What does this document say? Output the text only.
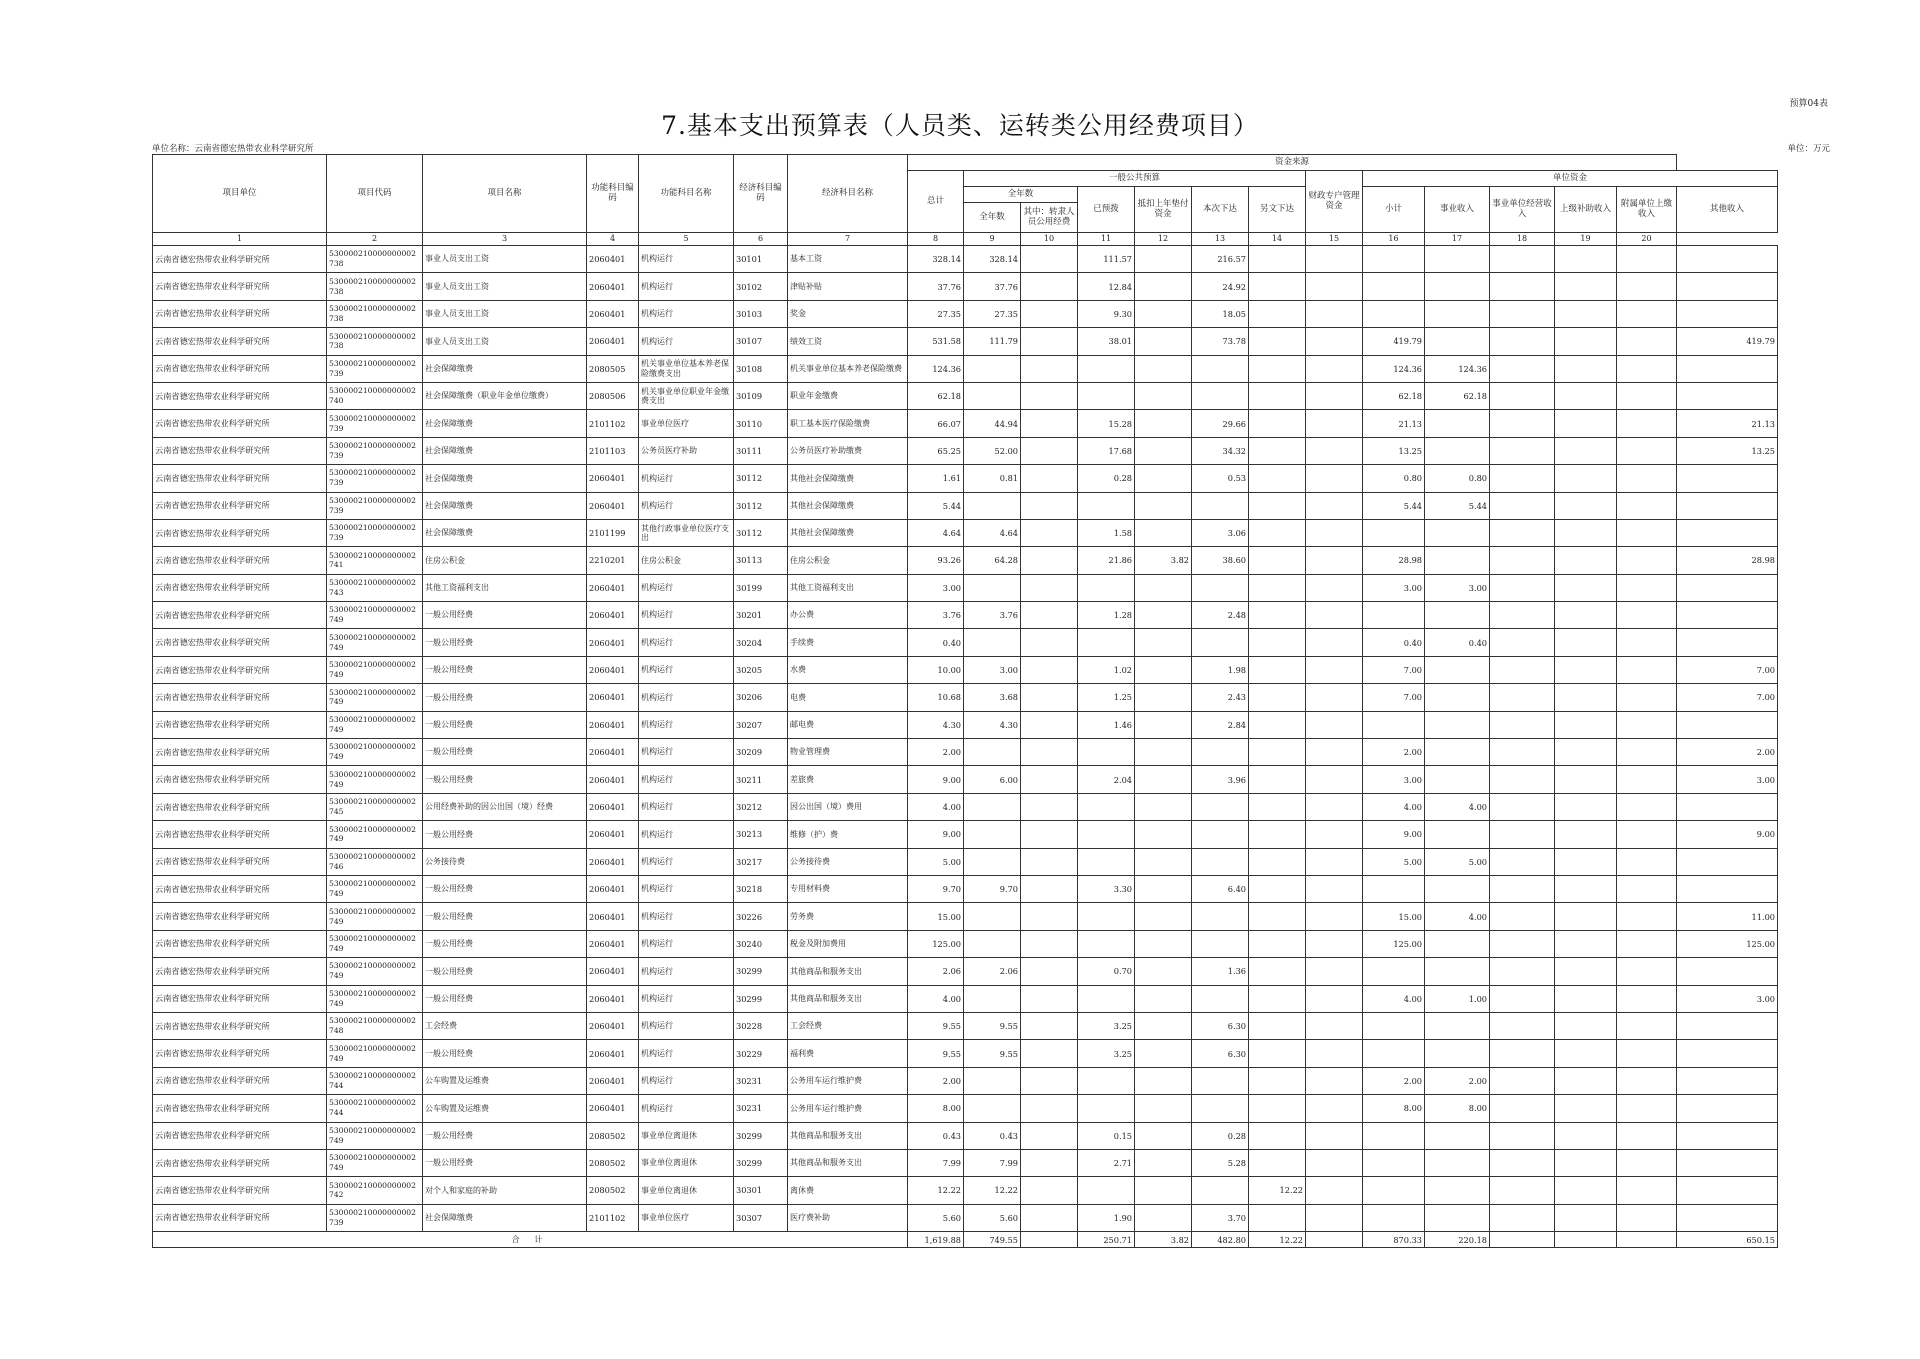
预算04表
7.基本支出预算表（人员类、运转类公用经费项目）
单位名称：云南省德宏热带农业科学研究所	单位：万元
项目单位	项目代码	项目名称	功能科目编码	功能科目名称	经济科目编码	经济科目名称	资金来源													
							总计	一般公共预算						财政专户管理资金	单位资金					
								全年数		已预拨	抵扣上年垫付资金	本次下达	另文下达		小计	事业收入	事业单位经营收入	上级补助收入	附属单位上缴收入	其他收入
								全年数	其中：转隶人员公用经费											
1	2	3	4	5	6	7	8	9	10	11	12	13	14	15	16	17	18	19	20	
云南省德宏热带农业科学研究所	530000210000000002738	事业人员支出工资	2060401	机构运行	30101	基本工资	328.14	328.14		111.57		216.57								
云南省德宏热带农业科学研究所	530000210000000002738	事业人员支出工资	2060401	机构运行	30102	津贴补贴	37.76	37.76		12.84		24.92								
云南省德宏热带农业科学研究所	530000210000000002738	事业人员支出工资	2060401	机构运行	30103	奖金	27.35	27.35		9.30		18.05								
云南省德宏热带农业科学研究所	530000210000000002738	事业人员支出工资	2060401	机构运行	30107	绩效工资	531.58	111.79		38.01		73.78			419.79					419.79
云南省德宏热带农业科学研究所	530000210000000002739	社会保障缴费	2080505	机关事业单位基本养老保险缴费支出	30108	机关事业单位基本养老保险缴费	124.36								124.36	124.36				
云南省德宏热带农业科学研究所	530000210000000002740	社会保障缴费（职业年金单位缴费）	2080506	机关事业单位职业年金缴费支出	30109	职业年金缴费	62.18								62.18	62.18				
云南省德宏热带农业科学研究所	530000210000000002739	社会保障缴费	2101102	事业单位医疗	30110	职工基本医疗保险缴费	66.07	44.94		15.28		29.66			21.13					21.13
云南省德宏热带农业科学研究所	530000210000000002739	社会保障缴费	2101103	公务员医疗补助	30111	公务员医疗补助缴费	65.25	52.00		17.68		34.32			13.25					13.25
云南省德宏热带农业科学研究所	530000210000000002739	社会保障缴费	2060401	机构运行	30112	其他社会保障缴费	1.61	0.81		0.28		0.53			0.80	0.80				
云南省德宏热带农业科学研究所	530000210000000002739	社会保障缴费	2060401	机构运行	30112	其他社会保障缴费	5.44								5.44	5.44				
云南省德宏热带农业科学研究所	530000210000000002739	社会保障缴费	2101199	其他行政事业单位医疗支出	30112	其他社会保障缴费	4.64	4.64		1.58		3.06								
云南省德宏热带农业科学研究所	530000210000000002741	住房公积金	2210201	住房公积金	30113	住房公积金	93.26	64.28		21.86	3.82	38.60			28.98					28.98
云南省德宏热带农业科学研究所	530000210000000002743	其他工资福利支出	2060401	机构运行	30199	其他工资福利支出	3.00								3.00	3.00				
云南省德宏热带农业科学研究所	530000210000000002749	一般公用经费	2060401	机构运行	30201	办公费	3.76	3.76		1.28		2.48								
云南省德宏热带农业科学研究所	530000210000000002749	一般公用经费	2060401	机构运行	30204	手续费	0.40								0.40	0.40				
云南省德宏热带农业科学研究所	530000210000000002749	一般公用经费	2060401	机构运行	30205	水费	10.00	3.00		1.02		1.98			7.00					7.00
云南省德宏热带农业科学研究所	530000210000000002749	一般公用经费	2060401	机构运行	30206	电费	10.68	3.68		1.25		2.43			7.00					7.00
云南省德宏热带农业科学研究所	530000210000000002749	一般公用经费	2060401	机构运行	30207	邮电费	4.30	4.30		1.46		2.84								
云南省德宏热带农业科学研究所	530000210000000002749	一般公用经费	2060401	机构运行	30209	物业管理费	2.00								2.00					2.00
云南省德宏热带农业科学研究所	530000210000000002749	一般公用经费	2060401	机构运行	30211	差旅费	9.00	6.00		2.04		3.96			3.00					3.00
云南省德宏热带农业科学研究所	530000210000000002745	公用经费补助的因公出国（境）经费	2060401	机构运行	30212	因公出国（境）费用	4.00								4.00	4.00				
云南省德宏热带农业科学研究所	530000210000000002749	一般公用经费	2060401	机构运行	30213	维修（护）费	9.00								9.00					9.00
云南省德宏热带农业科学研究所	530000210000000002746	公务接待费	2060401	机构运行	30217	公务接待费	5.00								5.00	5.00				
云南省德宏热带农业科学研究所	530000210000000002749	一般公用经费	2060401	机构运行	30218	专用材料费	9.70	9.70		3.30		6.40								
云南省德宏热带农业科学研究所	530000210000000002749	一般公用经费	2060401	机构运行	30226	劳务费	15.00								15.00	4.00				11.00
云南省德宏热带农业科学研究所	530000210000000002749	一般公用经费	2060401	机构运行	30240	税金及附加费用	125.00								125.00					125.00
云南省德宏热带农业科学研究所	530000210000000002749	一般公用经费	2060401	机构运行	30299	其他商品和服务支出	2.06	2.06		0.70		1.36								
云南省德宏热带农业科学研究所	530000210000000002749	一般公用经费	2060401	机构运行	30299	其他商品和服务支出	4.00								4.00	1.00				3.00
云南省德宏热带农业科学研究所	530000210000000002748	工会经费	2060401	机构运行	30228	工会经费	9.55	9.55		3.25		6.30								
云南省德宏热带农业科学研究所	530000210000000002749	一般公用经费	2060401	机构运行	30229	福利费	9.55	9.55		3.25		6.30								
云南省德宏热带农业科学研究所	530000210000000002744	公车购置及运维费	2060401	机构运行	30231	公务用车运行维护费	2.00								2.00	2.00				
云南省德宏热带农业科学研究所	530000210000000002744	公车购置及运维费	2060401	机构运行	30231	公务用车运行维护费	8.00								8.00	8.00				
云南省德宏热带农业科学研究所	530000210000000002749	一般公用经费	2080502	事业单位离退休	30299	其他商品和服务支出	0.43	0.43		0.15		0.28								
云南省德宏热带农业科学研究所	530000210000000002749	一般公用经费	2080502	事业单位离退休	30299	其他商品和服务支出	7.99	7.99		2.71		5.28								
云南省德宏热带农业科学研究所	530000210000000002742	对个人和家庭的补助	2080502	事业单位离退休	30301	离休费	12.22	12.22					12.22							
云南省德宏热带农业科学研究所	530000210000000002739	社会保障缴费	2101102	事业单位医疗	30307	医疗费补助	5.60	5.60		1.90		3.70								
合 计							1,619.88	749.55		250.71	3.82	482.80	12.22		870.33	220.18				650.15
